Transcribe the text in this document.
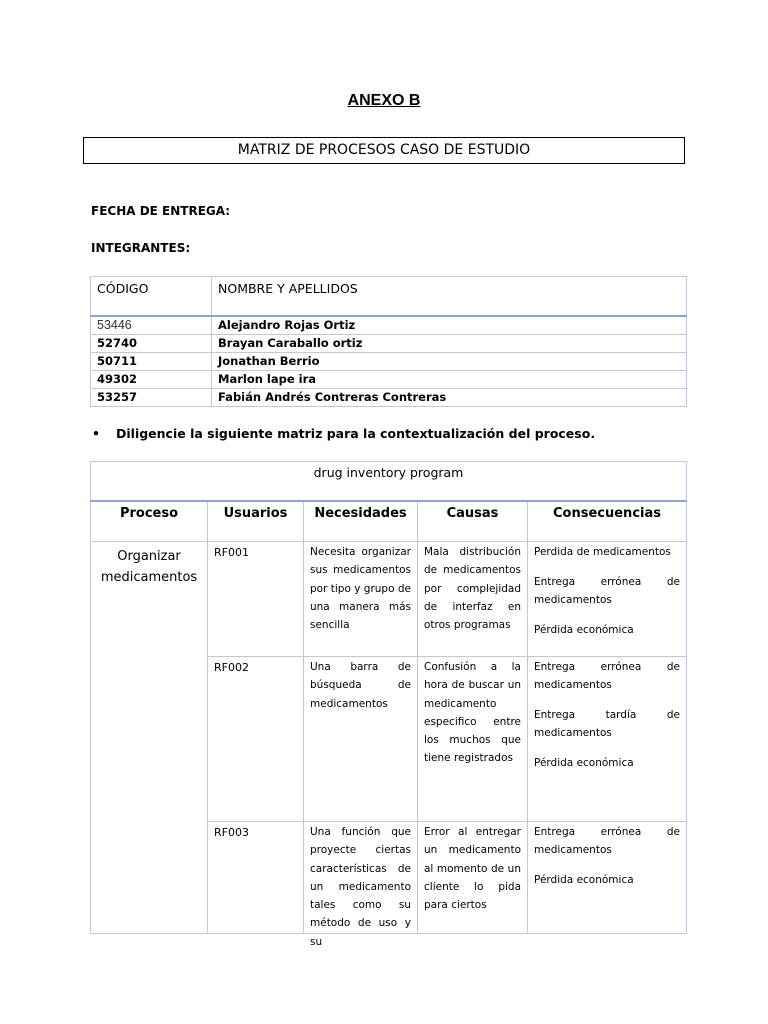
ANEXO B
MATRIZ DE PROCESOS CASO DE ESTUDIO
FECHA DE ENTREGA:
INTEGRANTES:
CÓDIGO	NOMBRE Y APELLIDOS
53446	Alejandro Rojas Ortiz
52740	Brayan Caraballo ortiz
50711	Jonathan Berrio
49302	Marlon lape ira
53257	Fabián Andrés Contreras Contreras
• Diligencie la siguiente matriz para la contextualización del proceso.
drug inventory program				
Proceso	Usuarios	Necesidades	Causas	Consecuencias
Organizar medicamentos	RF001	Necesita organizar sus medicamentos por tipo y grupo de una manera más sencilla	Mala distribución de medicamentos por complejidad de interfaz en otros programas	Perdida de medicamentos

Entrega errónea de medicamentos

Pérdida económica

	RF002	Una barra de búsqueda de medicamentos	Confusión a la hora de buscar un medicamento especifico entre los muchos que tiene registrados	Entrega errónea de medicamentos

Entrega tardía de medicamentos

Pérdida económica

	RF003	Una función que proyecte ciertas características de un medicamento tales como su método de uso y su	Error al entregar un medicamento al momento de un cliente lo pida para ciertos	Entrega errónea de medicamentos

Pérdida económica
